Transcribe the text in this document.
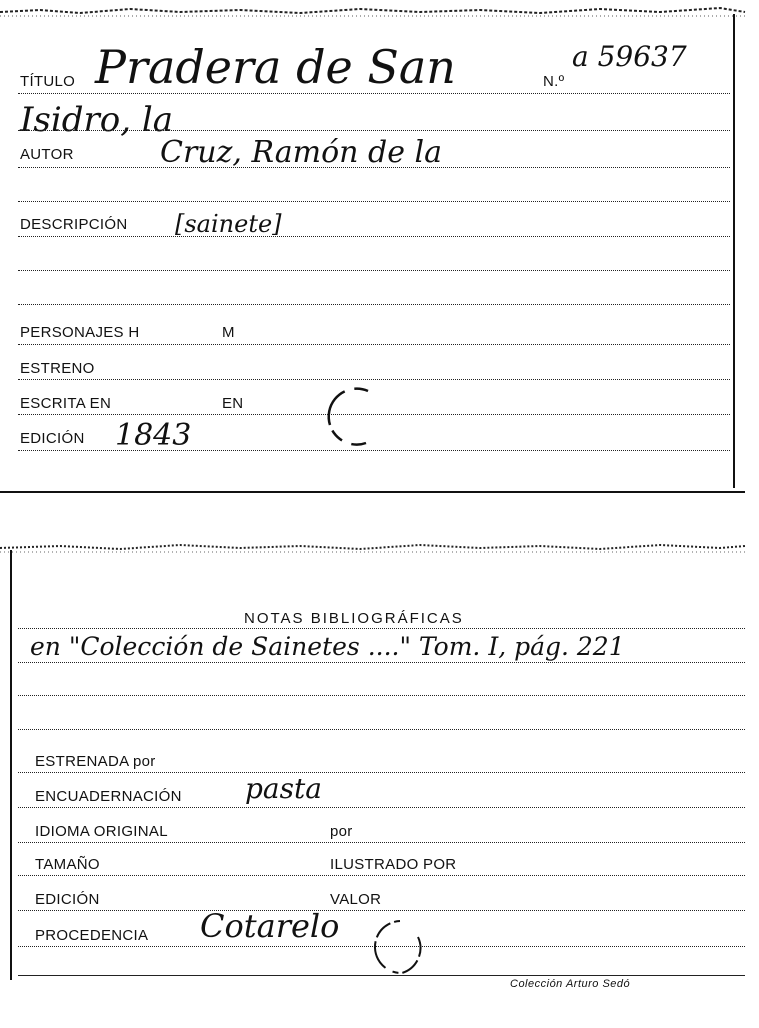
TÍTULO Pradera de San	N.º
a 59637
Isidro, la
AUTOR	Cruz, Ramón de la
DESCRIPCIÓN [sainete]
PERSONAJES H	M
ESTRENO
ESCRITA EN	EN
EDICIÓN 1843
NOTAS BIBLIOGRÁFICAS
en "Colección de Sainetes ...." Tom. I, pág. 221
ESTRENADA por
ENCUADERNACIÓN pasta
IDIOMA ORIGINAL	por
TAMAÑO	ILUSTRADO POR
EDICIÓN	VALOR
PROCEDENCIA Cotarelo
Colección Arturo Sedó
